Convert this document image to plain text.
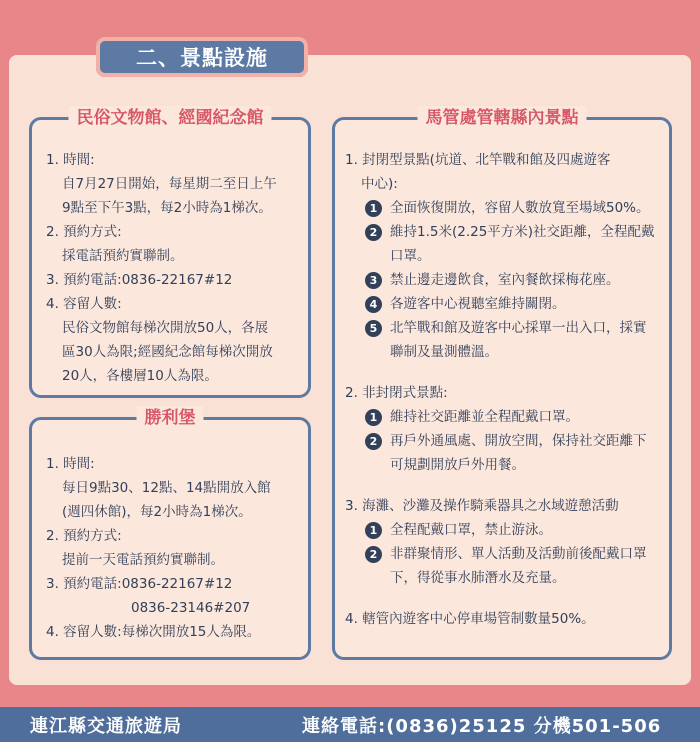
二、景點設施
民俗文物館、經國紀念館
1. 時間:
自7月27日開始，每星期二至日上午
9點至下午3點，每2小時為1梯次。
2. 預約方式:
採電話預約實聯制。
3. 預約電話:0836-22167#12
4. 容留人數:
民俗文物館每梯次開放50人，各展
區30人為限;經國紀念館每梯次開放
20人，各樓層10人為限。
勝利堡
1. 時間:
每日9點30、12點、14點開放入館
(週四休館)，每2小時為1梯次。
2. 預約方式:
提前一天電話預約實聯制。
3. 預約電話:0836-22167#12
0836-23146#207
4. 容留人數:每梯次開放15人為限。
馬管處管轄縣內景點
1. 封閉型景點(坑道、北竿戰和館及四處遊客
中心):
1 全面恢復開放，容留人數放寬至場域50%。
2 維持1.5米(2.25平方米)社交距離，全程配戴口罩。
3 禁止邊走邊飲食，室內餐飲採梅花座。
4 各遊客中心視聽室維持關閉。
5 北竿戰和館及遊客中心採單一出入口，採實聯制及量測體溫。
2. 非封閉式景點:
1 維持社交距離並全程配戴口罩。
2 再戶外通風處、開放空間，保持社交距離下可規劃開放戶外用餐。
3. 海灘、沙灘及操作騎乘器具之水域遊憩活動
1 全程配戴口罩，禁止游泳。
2 非群聚情形、單人活動及活動前後配戴口罩下，得從事水肺潛水及充量。
4. 轄管內遊客中心停車場管制數量50%。
連江縣交通旅遊局	連絡電話:(0836)25125 分機501-506
